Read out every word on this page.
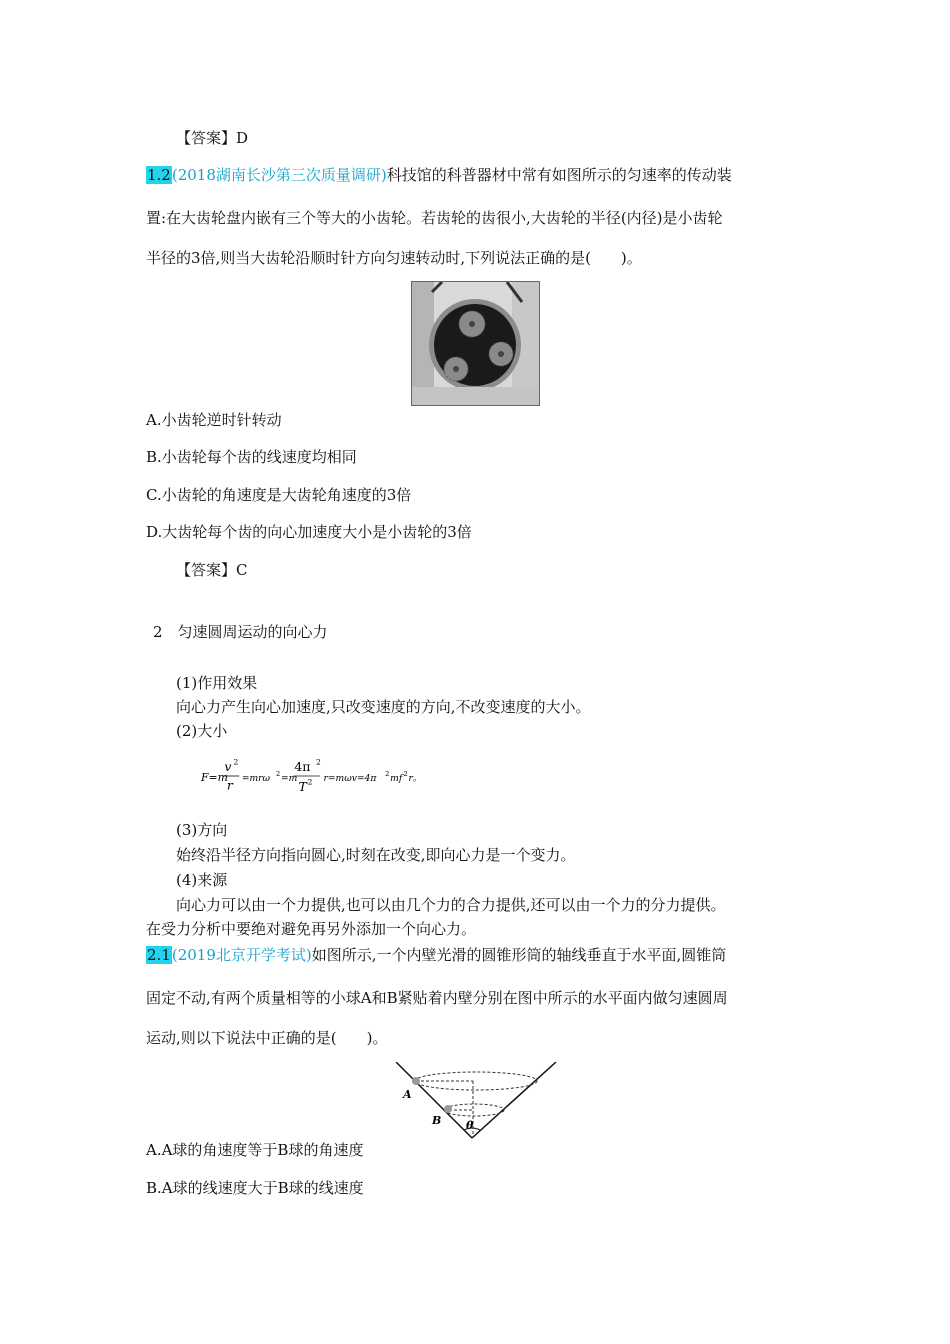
【答案】D
1.2(2018湖南长沙第三次质量调研)科技馆的科普器材中常有如图所示的匀速率的传动装
置:在大齿轮盘内嵌有三个等大的小齿轮。若齿轮的齿很小,大齿轮的半径(内径)是小齿轮
半径的3倍,则当大齿轮沿顺时针方向匀速转动时,下列说法正确的是(　　)。
A.小齿轮逆时针转动
B.小齿轮每个齿的线速度均相同
C.小齿轮的角速度是大齿轮角速度的3倍
D.大齿轮每个齿的向心加速度大小是小齿轮的3倍
【答案】C
2　匀速圆周运动的向心力
(1)作用效果
向心力产生向心加速度,只改变速度的方向,不改变速度的大小。
(2)大小
F=m
v 2
r =mrω 2 =m
4π 2
T 2 r=mωv=4π 2 mf 2 r。
(3)方向
始终沿半径方向指向圆心,时刻在改变,即向心力是一个变力。
(4)来源
向心力可以由一个力提供,也可以由几个力的合力提供,还可以由一个力的分力提供。
在受力分析中要绝对避免再另外添加一个向心力。
2.1(2019北京开学考试)如图所示,一个内壁光滑的圆锥形筒的轴线垂直于水平面,圆锥筒
固定不动,有两个质量相等的小球A和B紧贴着内壁分别在图中所示的水平面内做匀速圆周
运动,则以下说法中正确的是(　　)。
A
B θ
A.A球的角速度等于B球的角速度
B.A球的线速度大于B球的线速度
